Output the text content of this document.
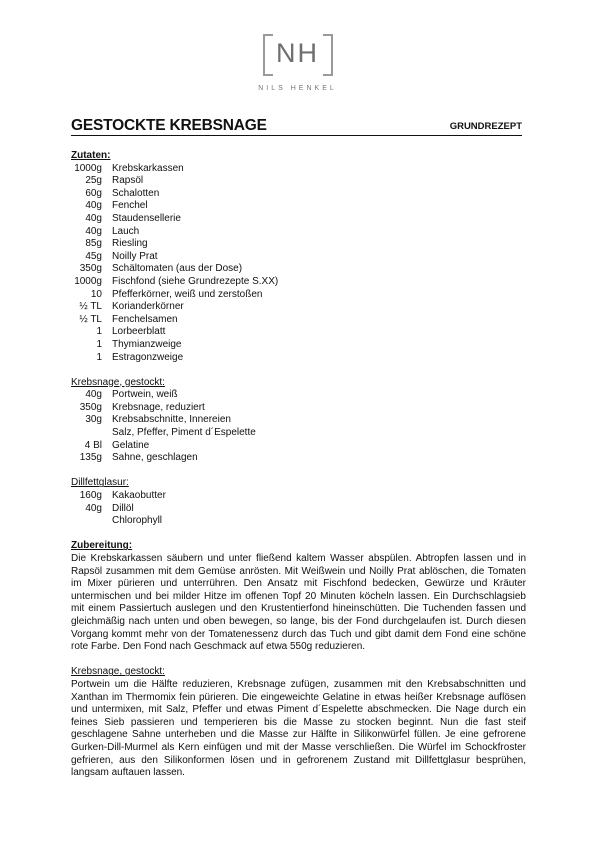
NH
NILS HENKEL
GESTOCKTE KREBSNAGE	GRUNDREZEPT
Zutaten:
1000g	Krebskarkassen
25g	Rapsöl
60g	Schalotten
40g	Fenchel
40g	Staudensellerie
40g	Lauch
85g	Riesling
45g	Noilly Prat
350g	Schältomaten (aus der Dose)
1000g	Fischfond (siehe Grundrezepte S.XX)
10	Pfefferkörner, weiß und zerstoßen
½ TL	Korianderkörner
½ TL	Fenchelsamen
1	Lorbeerblatt
1	Thymianzweige
1	Estragonzweige
Krebsnage, gestockt:
40g	Portwein, weiß
350g	Krebsnage, reduziert
30g	Krebsabschnitte, Innereien
Salz, Pfeffer, Piment d´Espelette
4 Bl	Gelatine
135g	Sahne, geschlagen
Dillfettglasur:
160g	Kakaobutter
40g	Dillöl
Chlorophyll
Zubereitung:
Die Krebskarkassen säubern und unter fließend kaltem Wasser abspülen. Abtropfen lassen und in Rapsöl zusammen mit dem Gemüse anrösten. Mit Weißwein und Noilly Prat ablöschen, die Tomaten im Mixer pürieren und unterrühren. Den Ansatz mit Fischfond bedecken, Gewürze und Kräuter untermischen und bei milder Hitze im offenen Topf 20 Minuten köcheln lassen. Ein Durchschlagsieb mit einem Passiertuch auslegen und den Krustentierfond hineinschütten. Die Tuchenden fassen und gleichmäßig nach unten und oben bewegen, so lange, bis der Fond durchgelaufen ist. Durch diesen Vorgang kommt mehr von der Tomatenessenz durch das Tuch und gibt damit dem Fond eine schöne rote Farbe. Den Fond nach Geschmack auf etwa 550g reduzieren.
Krebsnage, gestockt:
Portwein um die Hälfte reduzieren, Krebsnage zufügen, zusammen mit den Krebsabschnitten und Xanthan im Thermomix fein pürieren. Die eingeweichte Gelatine in etwas heißer Krebsnage auflösen und untermixen, mit Salz, Pfeffer und etwas Piment d´Espelette abschmecken. Die Nage durch ein feines Sieb passieren und temperieren bis die Masse zu stocken beginnt. Nun die fast steif geschlagene Sahne unterheben und die Masse zur Hälfte in Silikonwürfel füllen. Je eine gefrorene Gurken-Dill-Murmel als Kern einfügen und mit der Masse verschließen. Die Würfel im Schockfroster gefrieren, aus den Silikonformen lösen und in gefrorenem Zustand mit Dillfettglasur besprühen, langsam auftauen lassen.
